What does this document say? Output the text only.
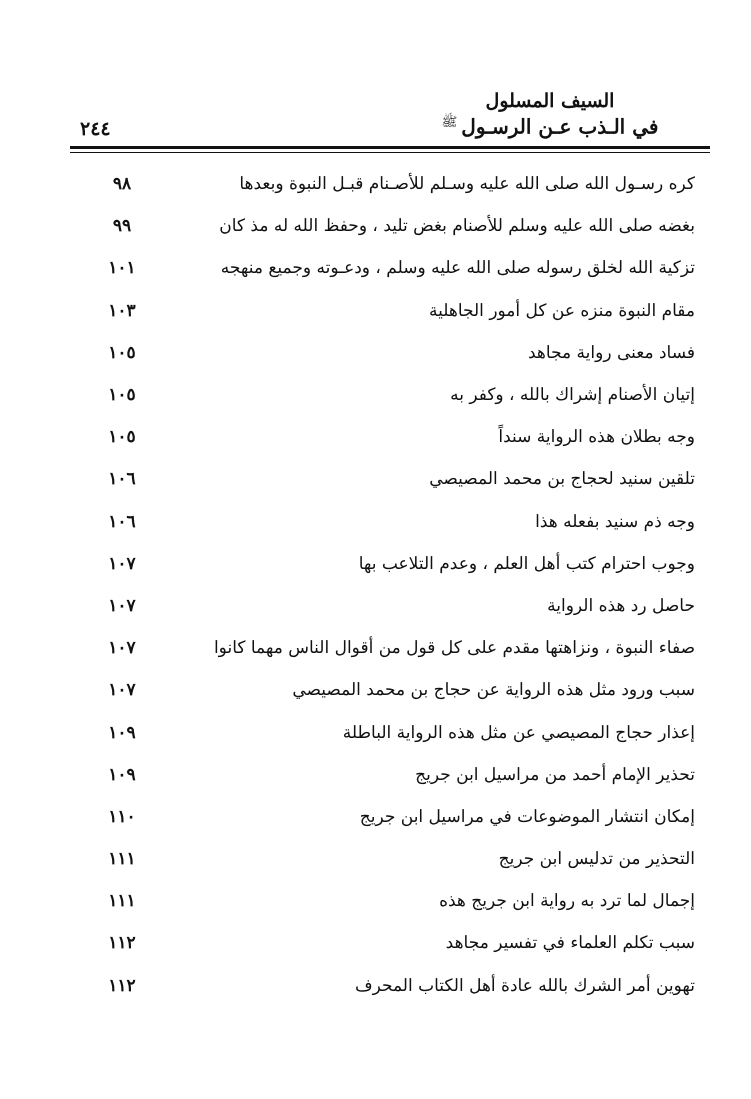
السيف المسلول
في الـذب عـن الرسـول$^ﷺ$
٢٤٤
كره رسـول الله صلى الله عليه وسـلم للأصـنام قبـل النبوة وبعدها
٩٨
بغضه صلى الله عليه وسلم للأصنام بغض تليد ، وحفظ الله له مذ كان
٩٩
تزكية الله لخلق رسوله صلى الله عليه وسلم ، ودعـوته وجميع منهجه
١٠١
مقام النبوة منزه عن كل أمور الجاهلية
١٠٣
فساد معنى رواية مجاهد
١٠٥
إتيان الأصنام إشراك بالله ، وكفر به
١٠٥
وجه بطلان هذه الرواية سنداً
١٠٥
تلقين سنيد لحجاج بن محمد المصيصي
١٠٦
وجه ذم سنيد بفعله هذا
١٠٦
وجوب احترام كتب أهل العلم ، وعدم التلاعب بها
١٠٧
حاصل رد هذه الرواية
١٠٧
صفاء النبوة ، ونزاهتها مقدم على كل قول من أقوال الناس مهما كانوا
١٠٧
سبب ورود مثل هذه الرواية عن حجاج بن محمد المصيصي
١٠٧
إعذار حجاج المصيصي عن مثل هذه الرواية الباطلة
١٠٩
تحذير الإمام أحمد من مراسيل ابن جريج
١٠٩
إمكان انتشار الموضوعات في مراسيل ابن جريج
١١٠
التحذير من تدليس ابن جريج
١١١
إجمال لما ترد به رواية ابن جريج هذه
١١١
سبب تكلم العلماء في تفسير مجاهد
١١٢
تهوين أمر الشرك بالله عادة أهل الكتاب المحرف
١١٢
